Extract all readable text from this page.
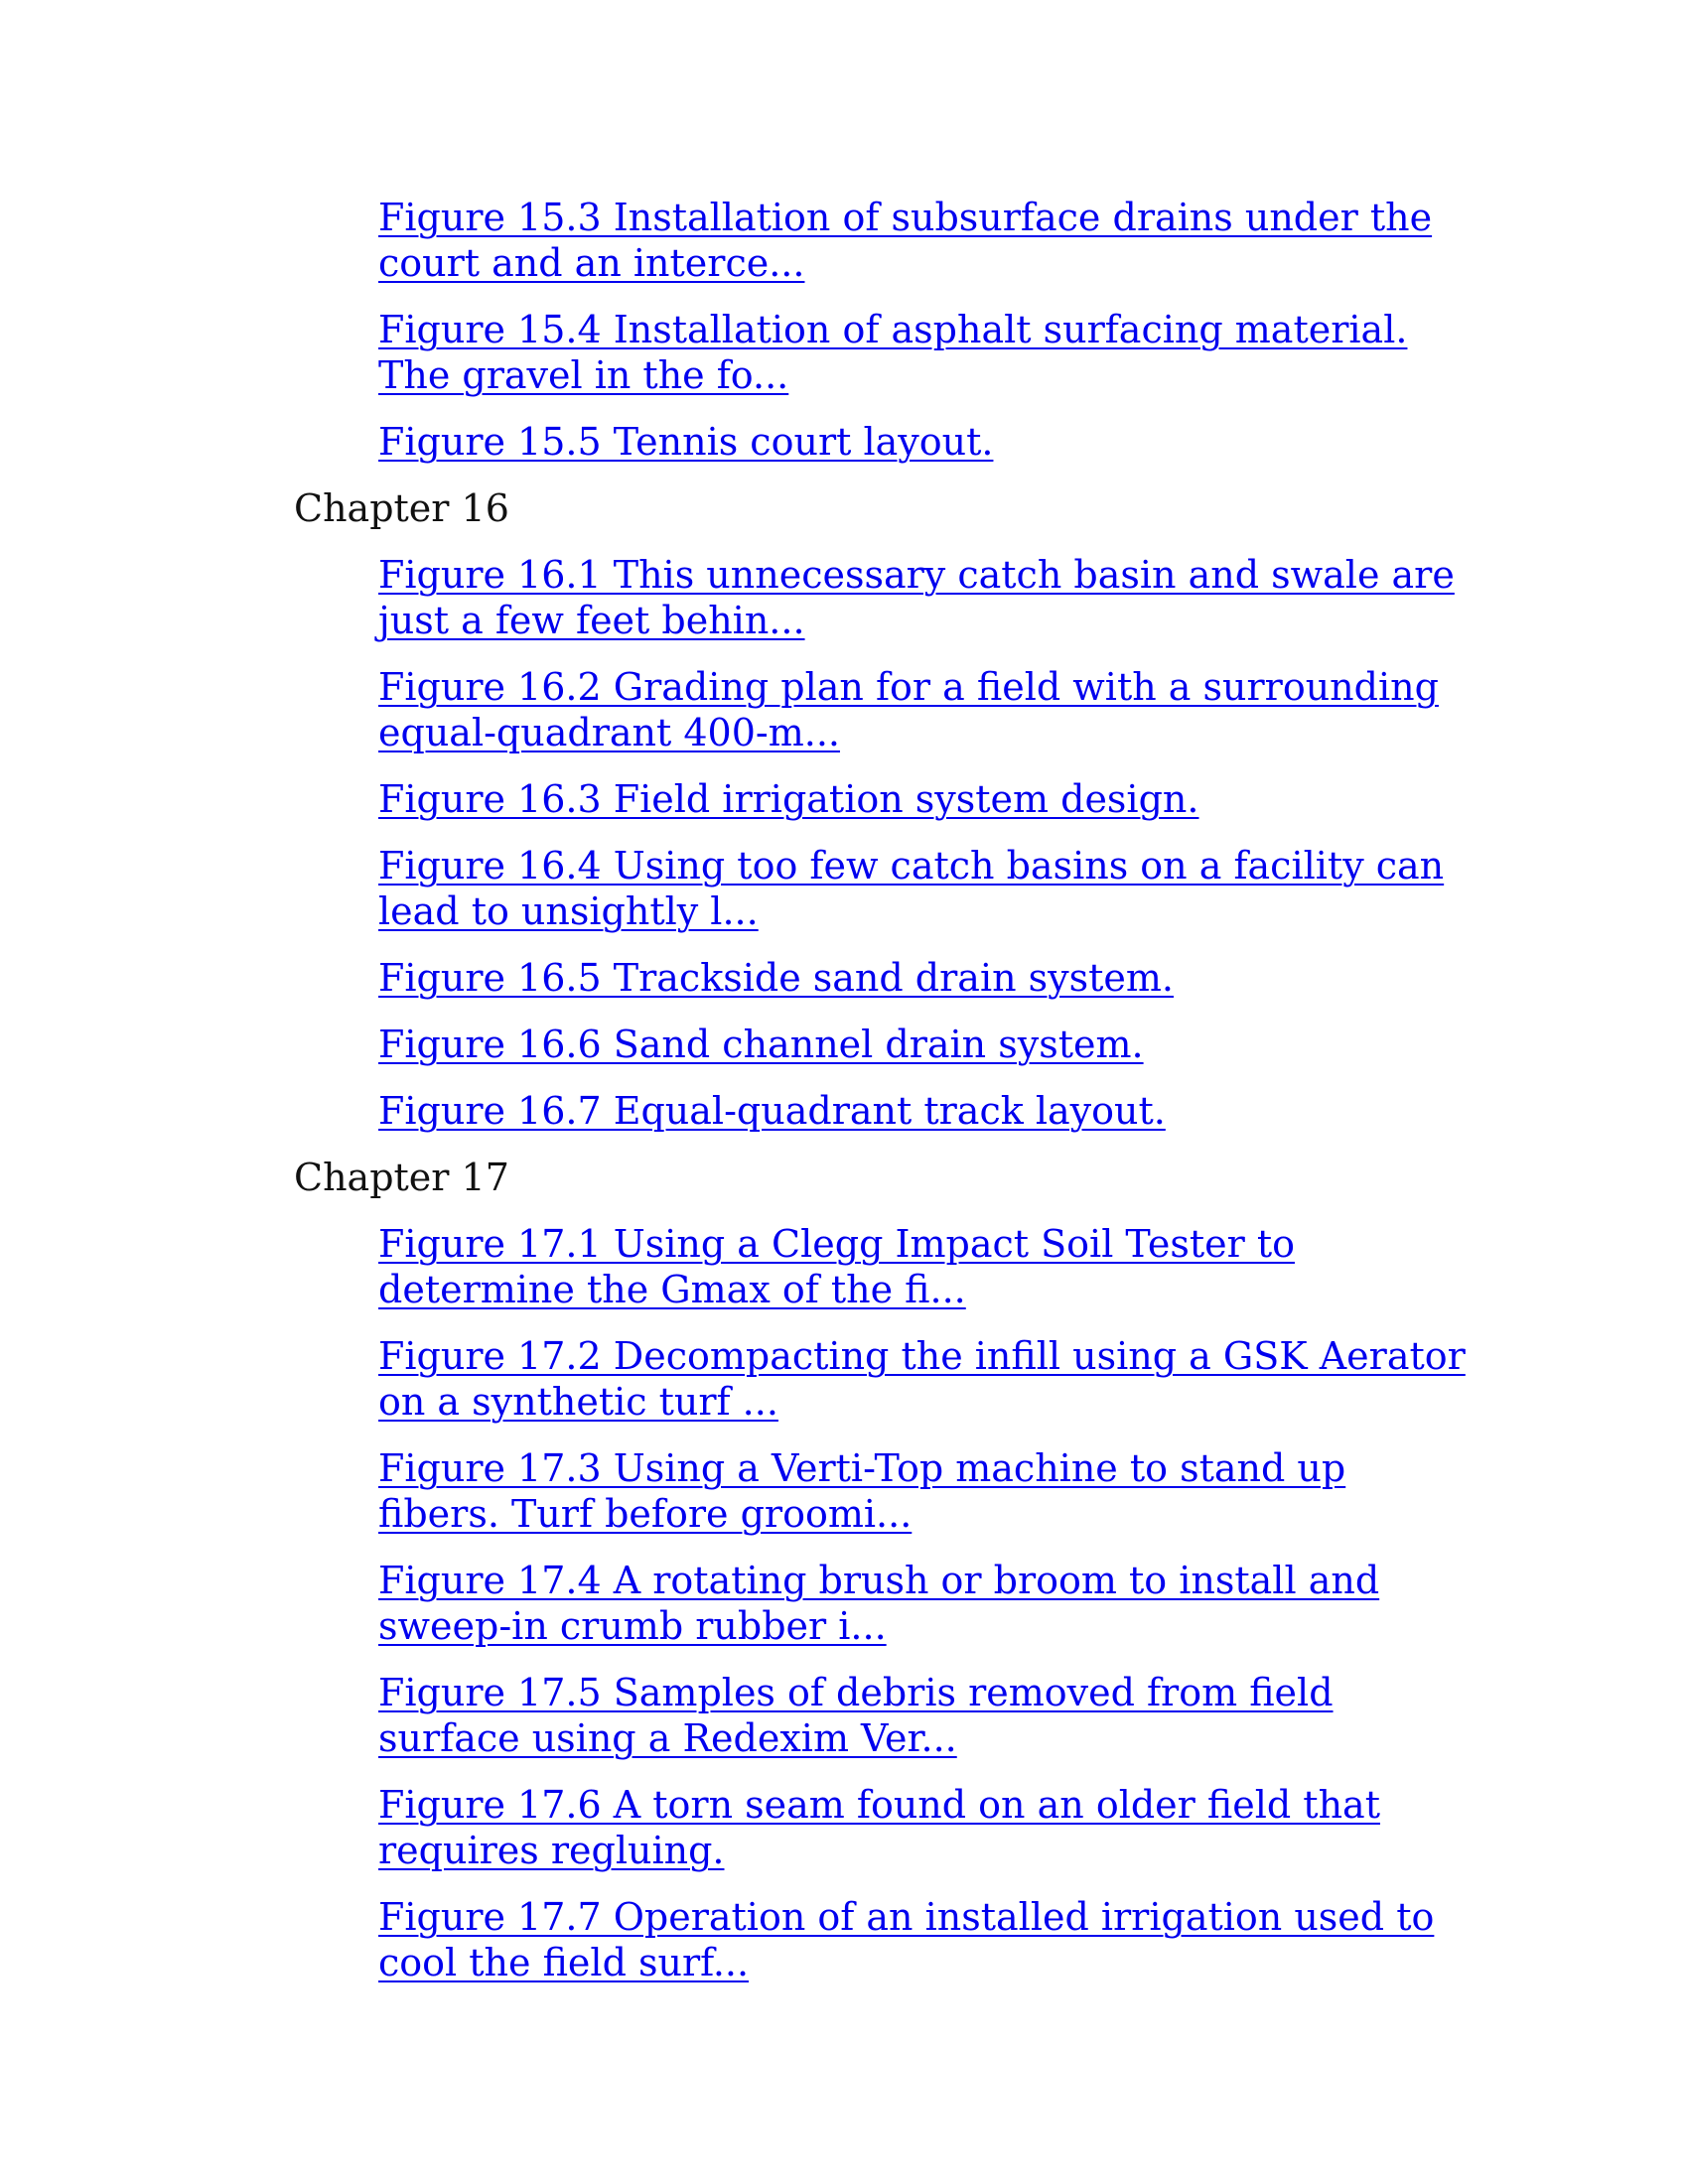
Figure 15.3 Installation of subsurface drains under the court and an interce...
Figure 15.4 Installation of asphalt surfacing material. The gravel in the fo...
Figure 15.5 Tennis court layout.
Chapter 16
Figure 16.1 This unnecessary catch basin and swale are just a few feet behin...
Figure 16.2 Grading plan for a field with a surrounding equal-quadrant 400-m...
Figure 16.3 Field irrigation system design.
Figure 16.4 Using too few catch basins on a facility can lead to unsightly l...
Figure 16.5 Trackside sand drain system.
Figure 16.6 Sand channel drain system.
Figure 16.7 Equal-quadrant track layout.
Chapter 17
Figure 17.1 Using a Clegg Impact Soil Tester to determine the Gmax of the fi...
Figure 17.2 Decompacting the infill using a GSK Aerator on a synthetic turf ...
Figure 17.3 Using a Verti-Top machine to stand up fibers. Turf before groomi...
Figure 17.4 A rotating brush or broom to install and sweep-in crumb rubber i...
Figure 17.5 Samples of debris removed from field surface using a Redexim Ver...
Figure 17.6 A torn seam found on an older field that requires regluing.
Figure 17.7 Operation of an installed irrigation used to cool the field surf...
